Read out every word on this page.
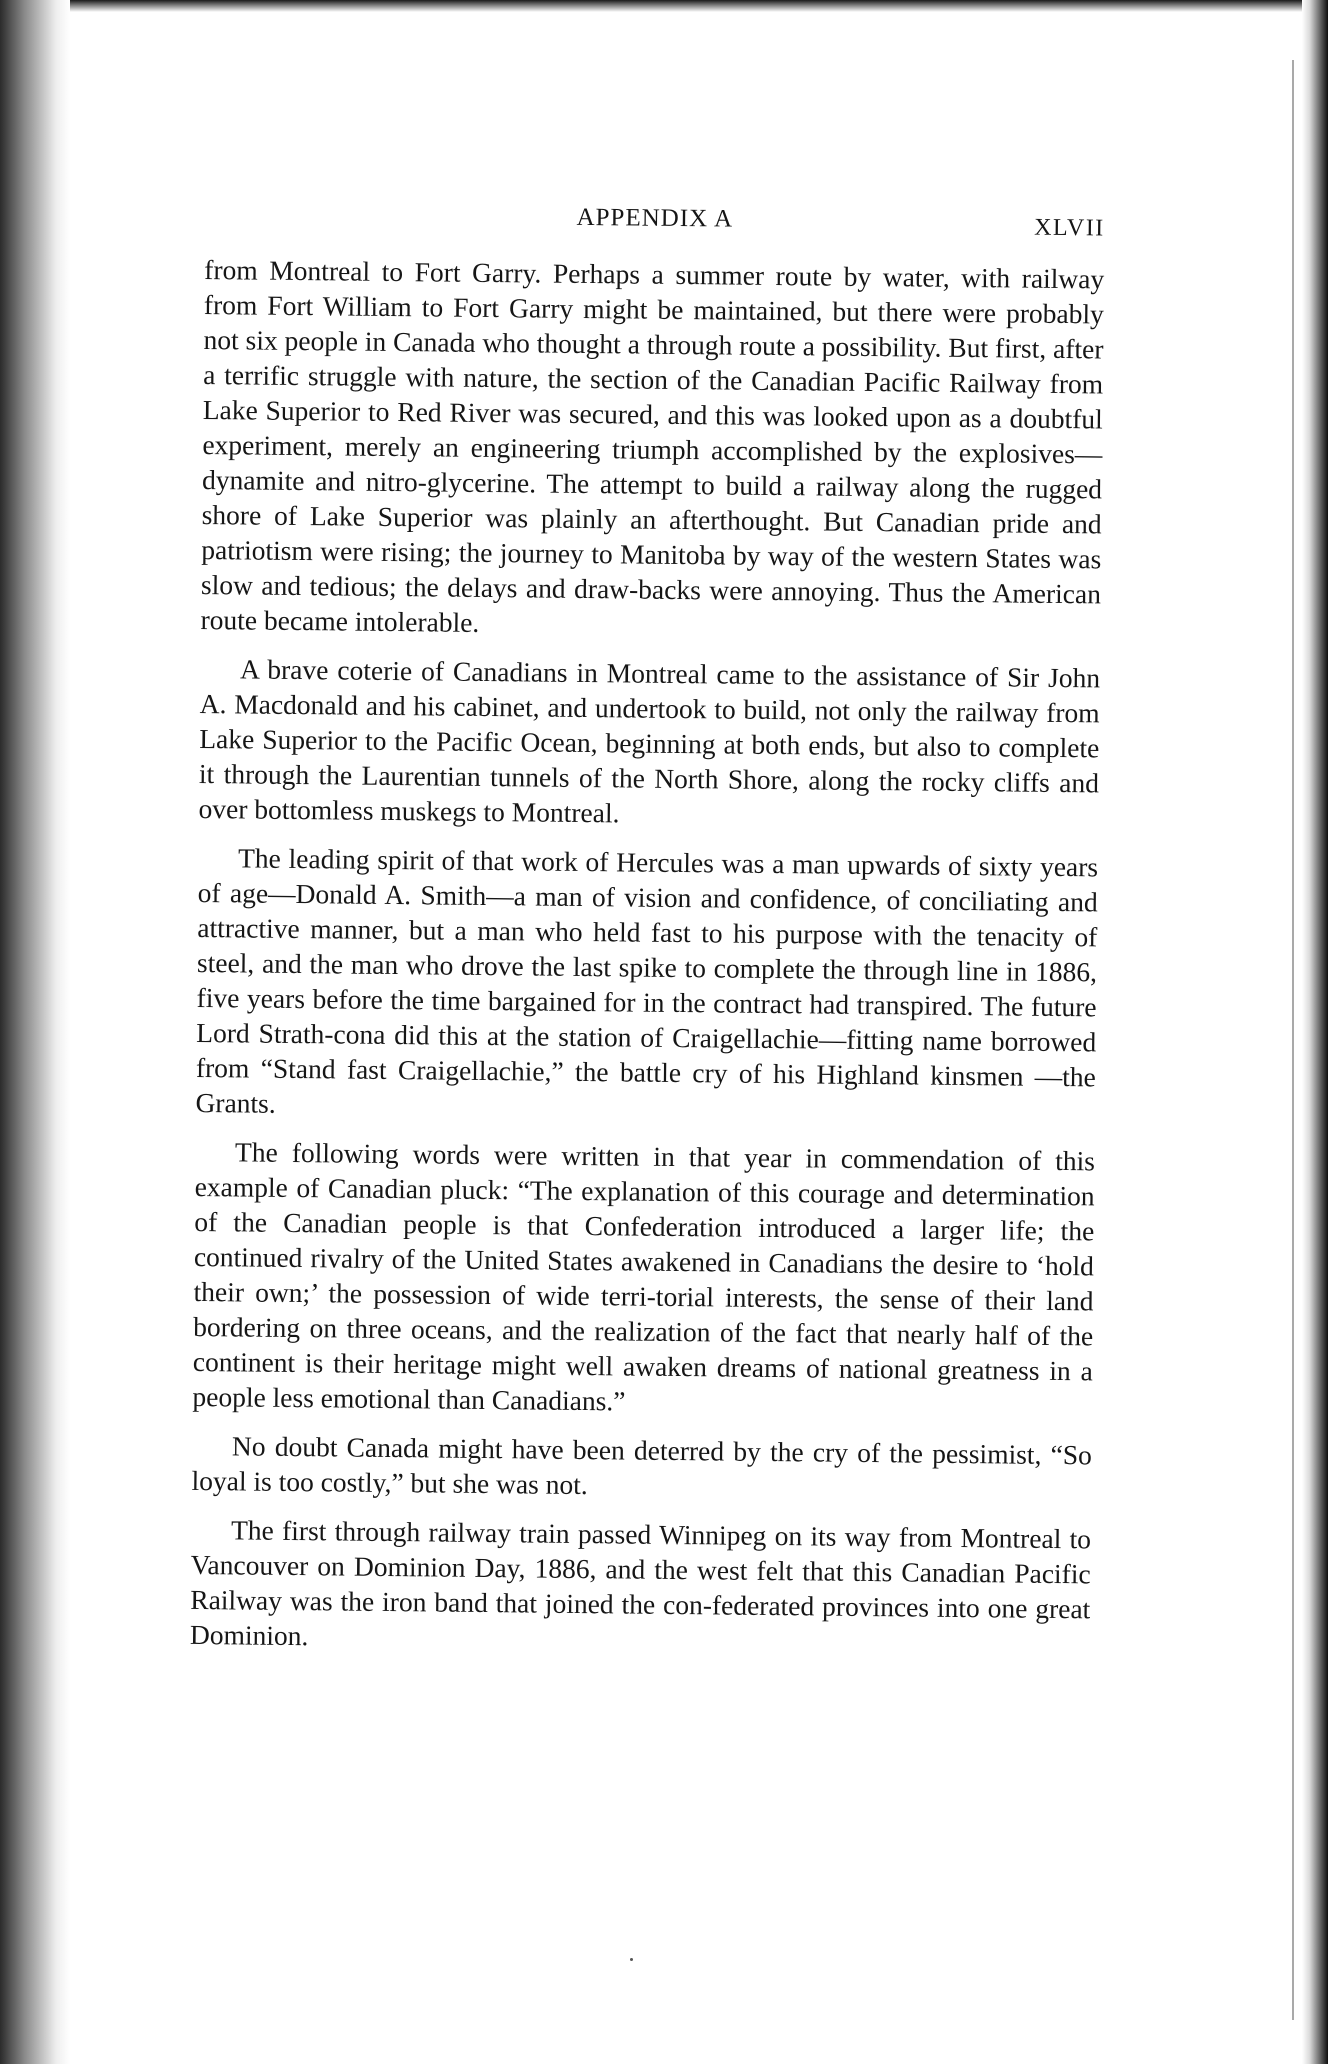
APPENDIX A	XLVII

from Montreal to Fort Garry. Perhaps a summer route by water, with railway from Fort William to Fort Garry might be maintained, but there were probably not six people in Canada who thought a through route a possibility. But first, after a terrific struggle with nature, the section of the Canadian Pacific Railway from Lake Superior to Red River was secured, and this was looked upon as a doubtful experiment, merely an engineering triumph accomplished by the explosives—dynamite and nitro-glycerine. The attempt to build a railway along the rugged shore of Lake Superior was plainly an afterthought. But Canadian pride and patriotism were rising; the journey to Manitoba by way of the western States was slow and tedious; the delays and draw-backs were annoying. Thus the American route became intolerable.

A brave coterie of Canadians in Montreal came to the assistance of Sir John A. Macdonald and his cabinet, and undertook to build, not only the railway from Lake Superior to the Pacific Ocean, beginning at both ends, but also to complete it through the Laurentian tunnels of the North Shore, along the rocky cliffs and over bottomless muskegs to Montreal.

The leading spirit of that work of Hercules was a man upwards of sixty years of age—Donald A. Smith—a man of vision and confidence, of conciliating and attractive manner, but a man who held fast to his purpose with the tenacity of steel, and the man who drove the last spike to complete the through line in 1886, five years before the time bargained for in the contract had transpired. The future Lord Strath-cona did this at the station of Craigellachie—fitting name borrowed from “Stand fast Craigellachie,” the battle cry of his Highland kinsmen —the Grants.

The following words were written in that year in commendation of this example of Canadian pluck: “The explanation of this courage and determination of the Canadian people is that Confederation introduced a larger life; the continued rivalry of the United States awakened in Canadians the desire to ‘hold their own;’ the possession of wide terri-torial interests, the sense of their land bordering on three oceans, and the realization of the fact that nearly half of the continent is their heritage might well awaken dreams of national greatness in a people less emotional than Canadians.”

No doubt Canada might have been deterred by the cry of the pessimist, “So loyal is too costly,” but she was not.

The first through railway train passed Winnipeg on its way from Montreal to Vancouver on Dominion Day, 1886, and the west felt that this Canadian Pacific Railway was the iron band that joined the con-federated provinces into one great Dominion.
